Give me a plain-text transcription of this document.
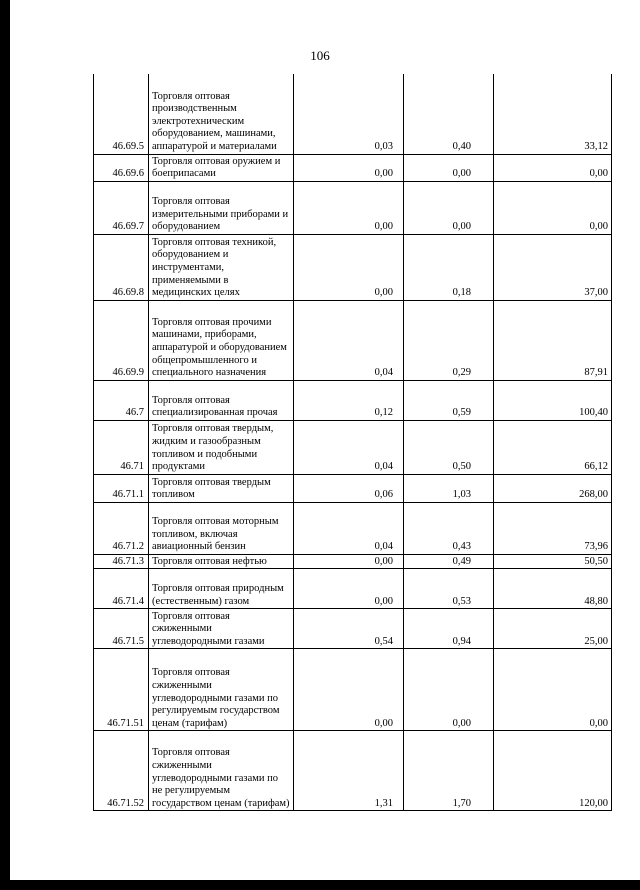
106
46.69.5	Торговля оптовая производственным электротехническим оборудованием, машинами, аппаратурой и материалами	0,03	0,40	33,12
46.69.6	Торговля оптовая оружием и боеприпасами	0,00	0,00	0,00
46.69.7	Торговля оптовая измерительными приборами и оборудованием	0,00	0,00	0,00
46.69.8	Торговля оптовая техникой, оборудованием и инструментами, применяемыми в медицинских целях	0,00	0,18	37,00
46.69.9	Торговля оптовая прочими машинами, приборами, аппаратурой и оборудованием общепромышленного и специального назначения	0,04	0,29	87,91
46.7	Торговля оптовая специализированная прочая	0,12	0,59	100,40
46.71	Торговля оптовая твердым, жидким и газообразным топливом и подобными продуктами	0,04	0,50	66,12
46.71.1	Торговля оптовая твердым топливом	0,06	1,03	268,00
46.71.2	Торговля оптовая моторным топливом, включая авиационный бензин	0,04	0,43	73,96
46.71.3	Торговля оптовая нефтью	0,00	0,49	50,50
46.71.4	Торговля оптовая природным (естественным) газом	0,00	0,53	48,80
46.71.5	Торговля оптовая сжиженными углеводородными газами	0,54	0,94	25,00
46.71.51	Торговля оптовая сжиженными углеводородными газами по регулируемым государством ценам (тарифам)	0,00	0,00	0,00
46.71.52	Торговля оптовая сжиженными углеводородными газами по не регулируемым государством ценам (тарифам)	1,31	1,70	120,00
